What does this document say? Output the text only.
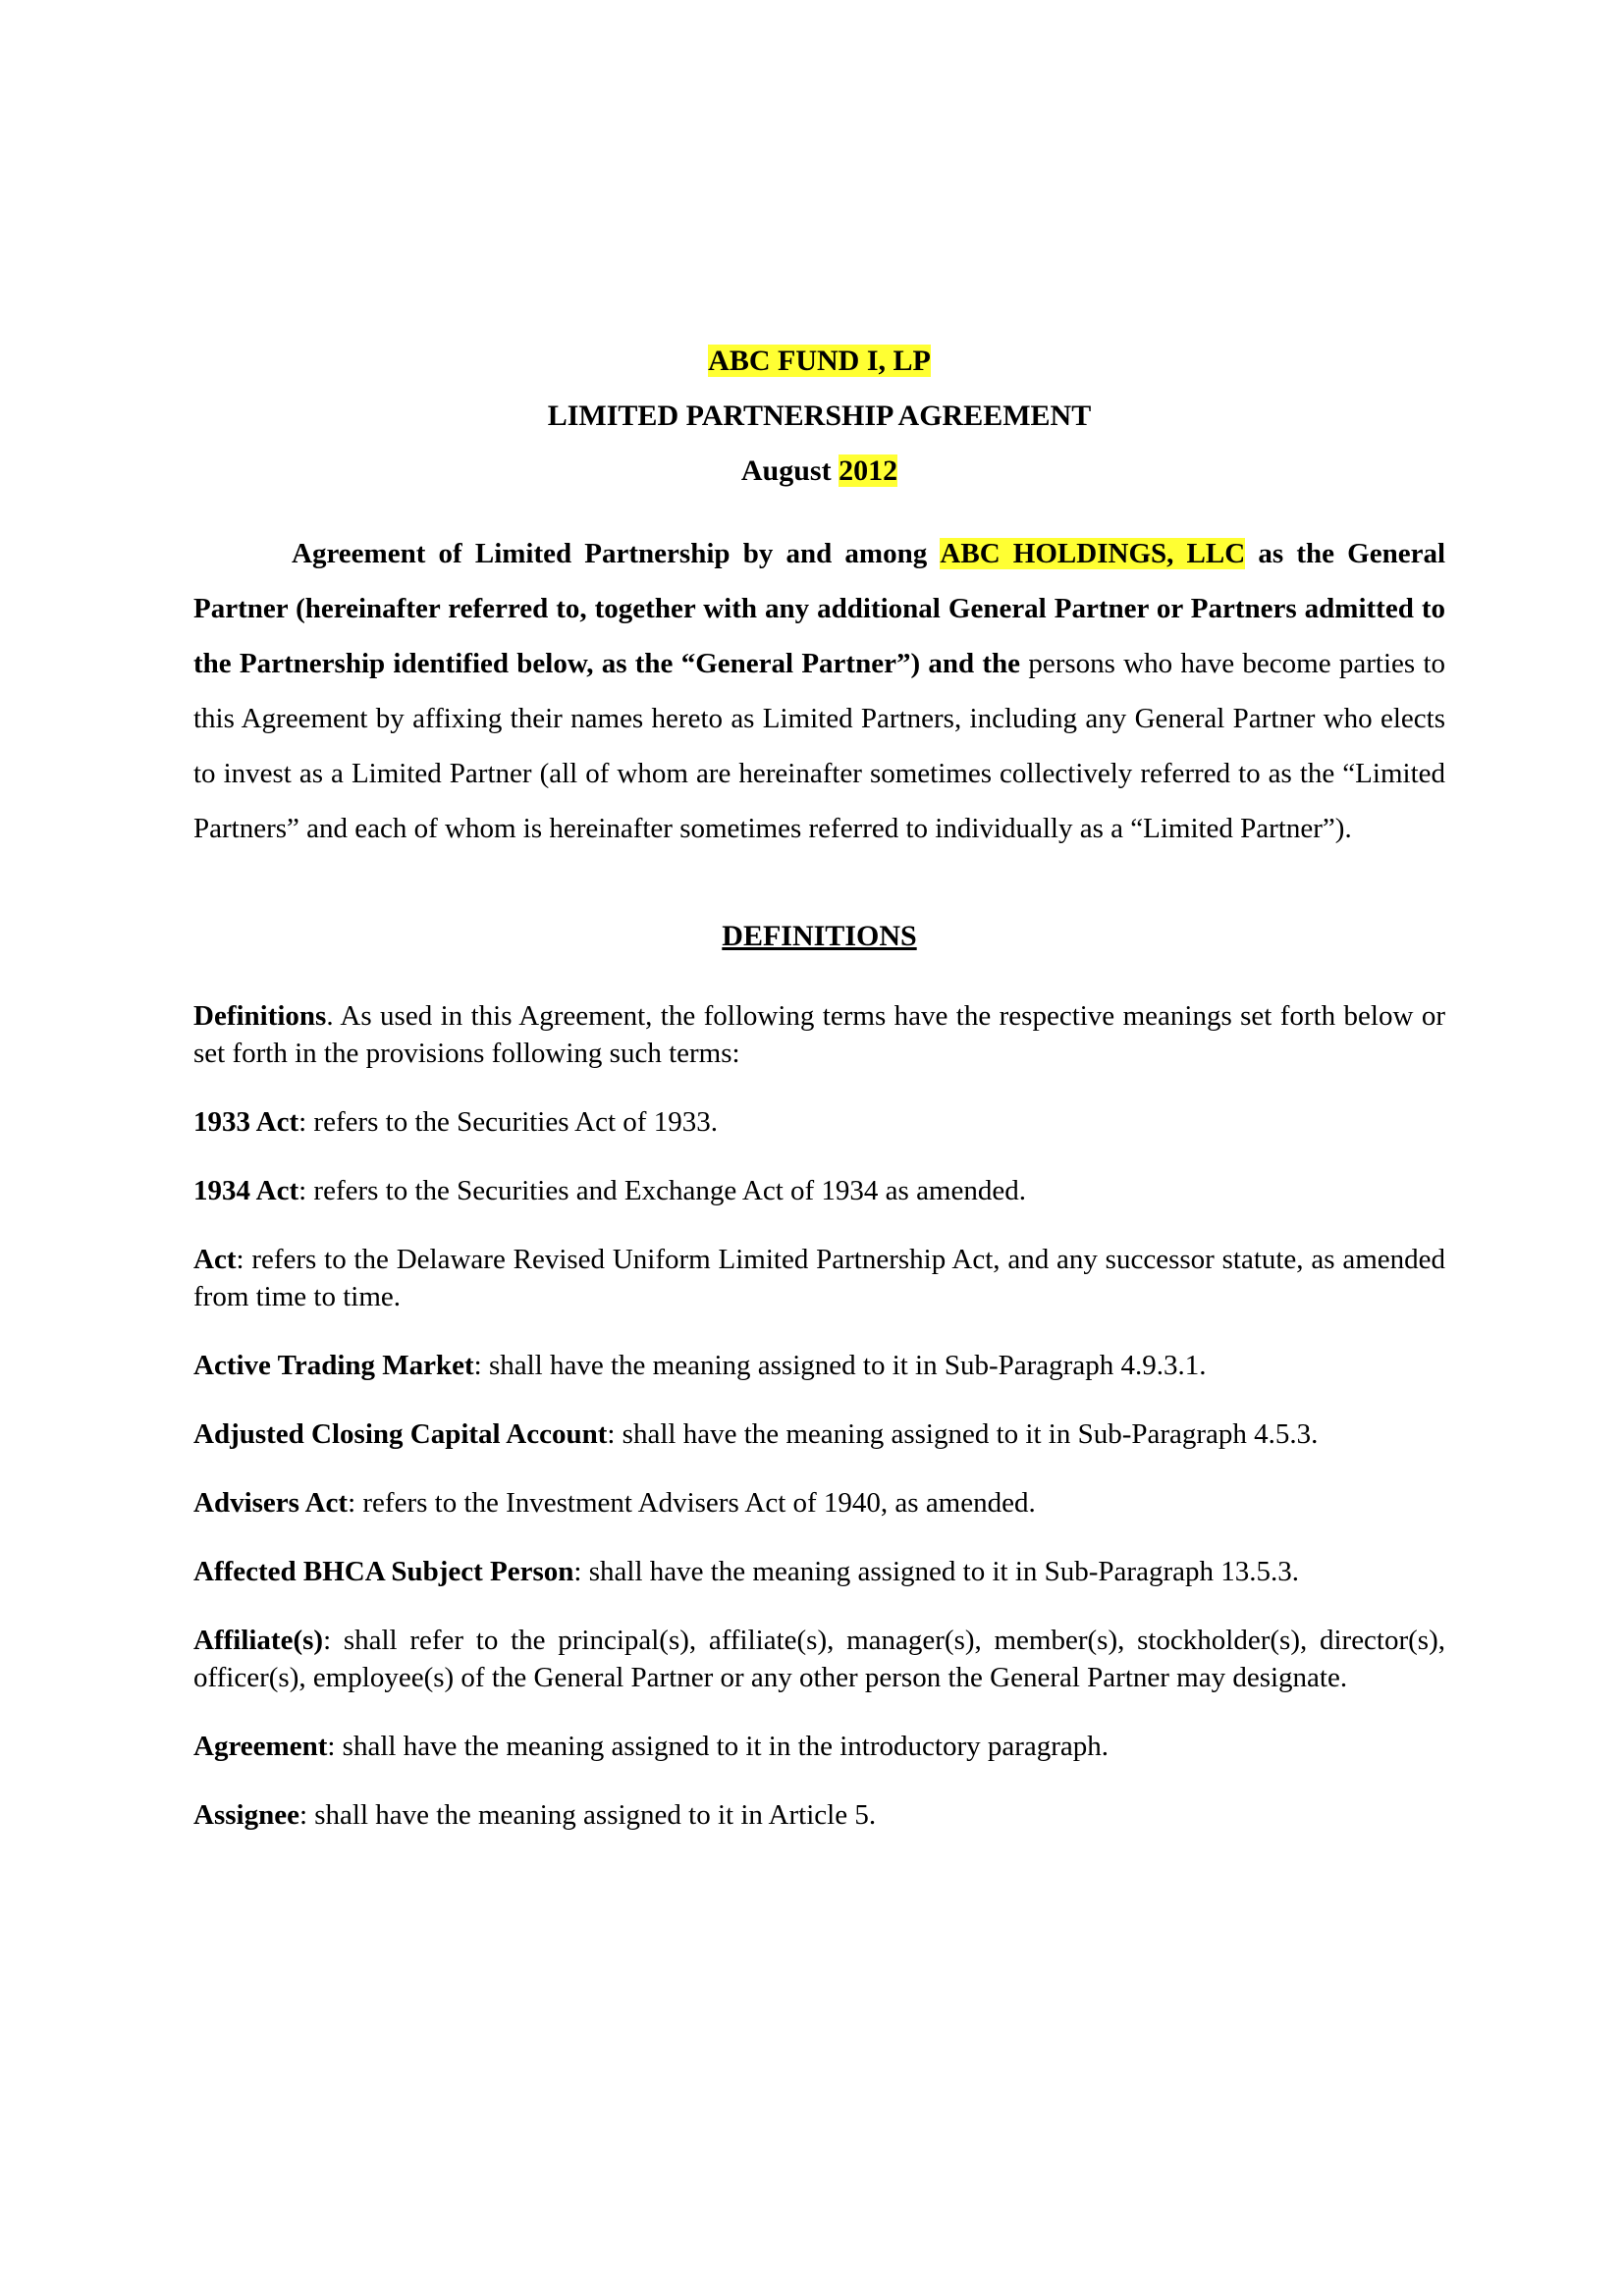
ABC FUND I, LP

LIMITED PARTNERSHIP AGREEMENT

August 2012

Agreement of Limited Partnership by and among ABC HOLDINGS, LLC as the General Partner (hereinafter referred to, together with any additional General Partner or Partners admitted to the Partnership identified below, as the “General Partner”) and the persons who have become parties to this Agreement by affixing their names hereto as Limited Partners, including any General Partner who elects to invest as a Limited Partner (all of whom are hereinafter sometimes collectively referred to as the “Limited Partners” and each of whom is hereinafter sometimes referred to individually as a “Limited Partner”).

DEFINITIONS

Definitions. As used in this Agreement, the following terms have the respective meanings set forth below or set forth in the provisions following such terms:

1933 Act: refers to the Securities Act of 1933.

1934 Act: refers to the Securities and Exchange Act of 1934 as amended.

Act: refers to the Delaware Revised Uniform Limited Partnership Act, and any successor statute, as amended from time to time.

Active Trading Market: shall have the meaning assigned to it in Sub-Paragraph 4.9.3.1.

Adjusted Closing Capital Account: shall have the meaning assigned to it in Sub-Paragraph 4.5.3.

Advisers Act: refers to the Investment Advisers Act of 1940, as amended.

Affected BHCA Subject Person: shall have the meaning assigned to it in Sub-Paragraph 13.5.3.

Affiliate(s): shall refer to the principal(s), affiliate(s), manager(s), member(s), stockholder(s), director(s), officer(s), employee(s) of the General Partner or any other person the General Partner may designate.

Agreement: shall have the meaning assigned to it in the introductory paragraph.

Assignee: shall have the meaning assigned to it in Article 5.
